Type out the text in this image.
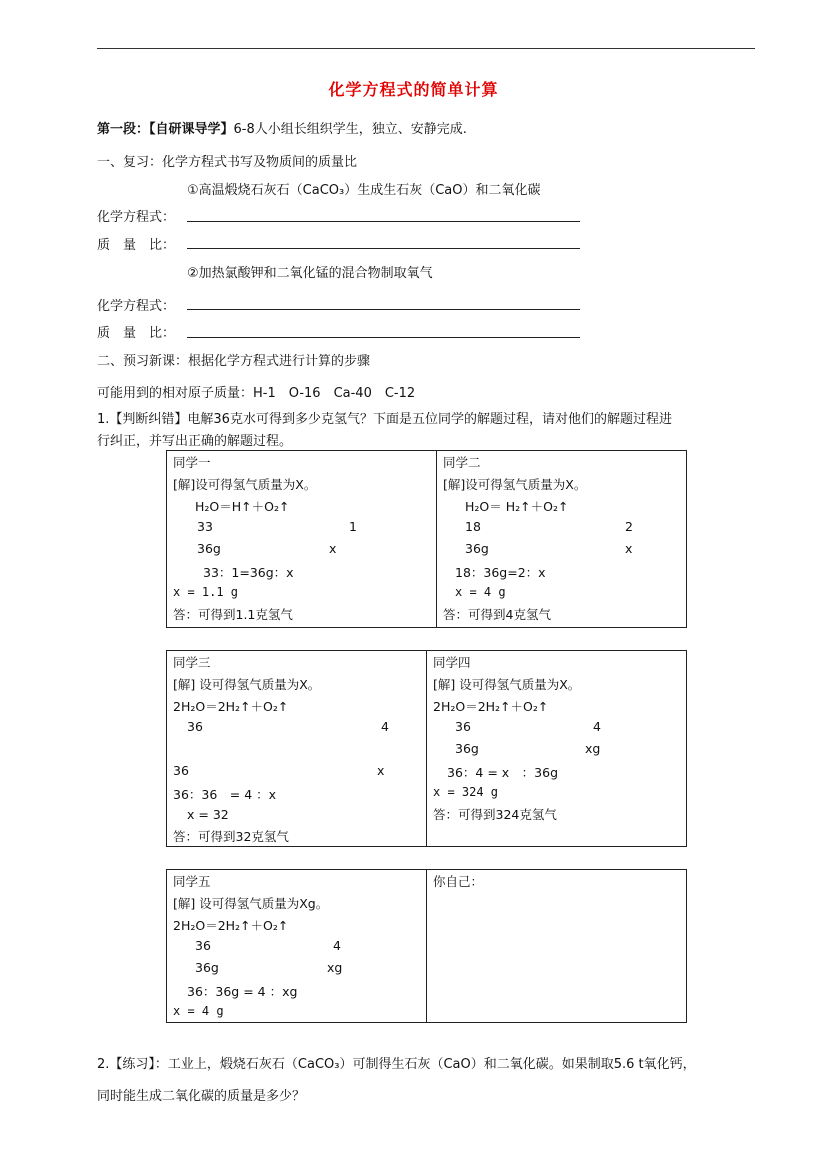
化学方程式的简单计算
第一段：【自研课导学】6-8人小组长组织学生，独立、安静完成.
一、复习：化学方程式书写及物质间的质量比
①高温煅烧石灰石（CaCO₃）生成生石灰（CaO）和二氧化碳
化学方程式：
质　量　比：
②加热氯酸钾和二氧化锰的混合物制取氧气
化学方程式：
质　量　比：
二、预习新课：根据化学方程式进行计算的步骤
可能用到的相对原子质量：H-1　O-16　Ca-40　C-12
1.【判断纠错】电解36克水可得到多少克氢气？下面是五位同学的解题过程，请对他们的解题过程进
行纠正，并写出正确的解题过程。
同学一
[解]设可得氢气质量为X。
H₂O＝H↑＋O₂↑
33	1
36g	x
33：1=36g：x
x = 1.1 g
答：可得到1.1克氢气

同学二
[解]设可得氢气质量为X。
H₂O＝ H₂↑＋O₂↑
18	2
36g	x
18：36g=2：x
x = 4 g
答：可得到4克氢气
同学三
[解] 设可得氢气质量为X。
2H₂O＝2H₂↑＋O₂↑
36	4
36	x
36：36　= 4 ：x
x = 32
答：可得到32克氢气

同学四
[解] 设可得氢气质量为X。
2H₂O＝2H₂↑＋O₂↑
36	4
36g	xg
36：4 = x　：36g
x = 324 g
答：可得到324克氢气
同学五
[解] 设可得氢气质量为Xg。
2H₂O＝2H₂↑＋O₂↑
36	4
36g	xg
36：36g = 4 ：xg
x = 4 g

你自己：
2.【练习】：工业上，煅烧石灰石（CaCO₃）可制得生石灰（CaO）和二氧化碳。如果制取5.6 t氧化钙，
同时能生成二氧化碳的质量是多少？
